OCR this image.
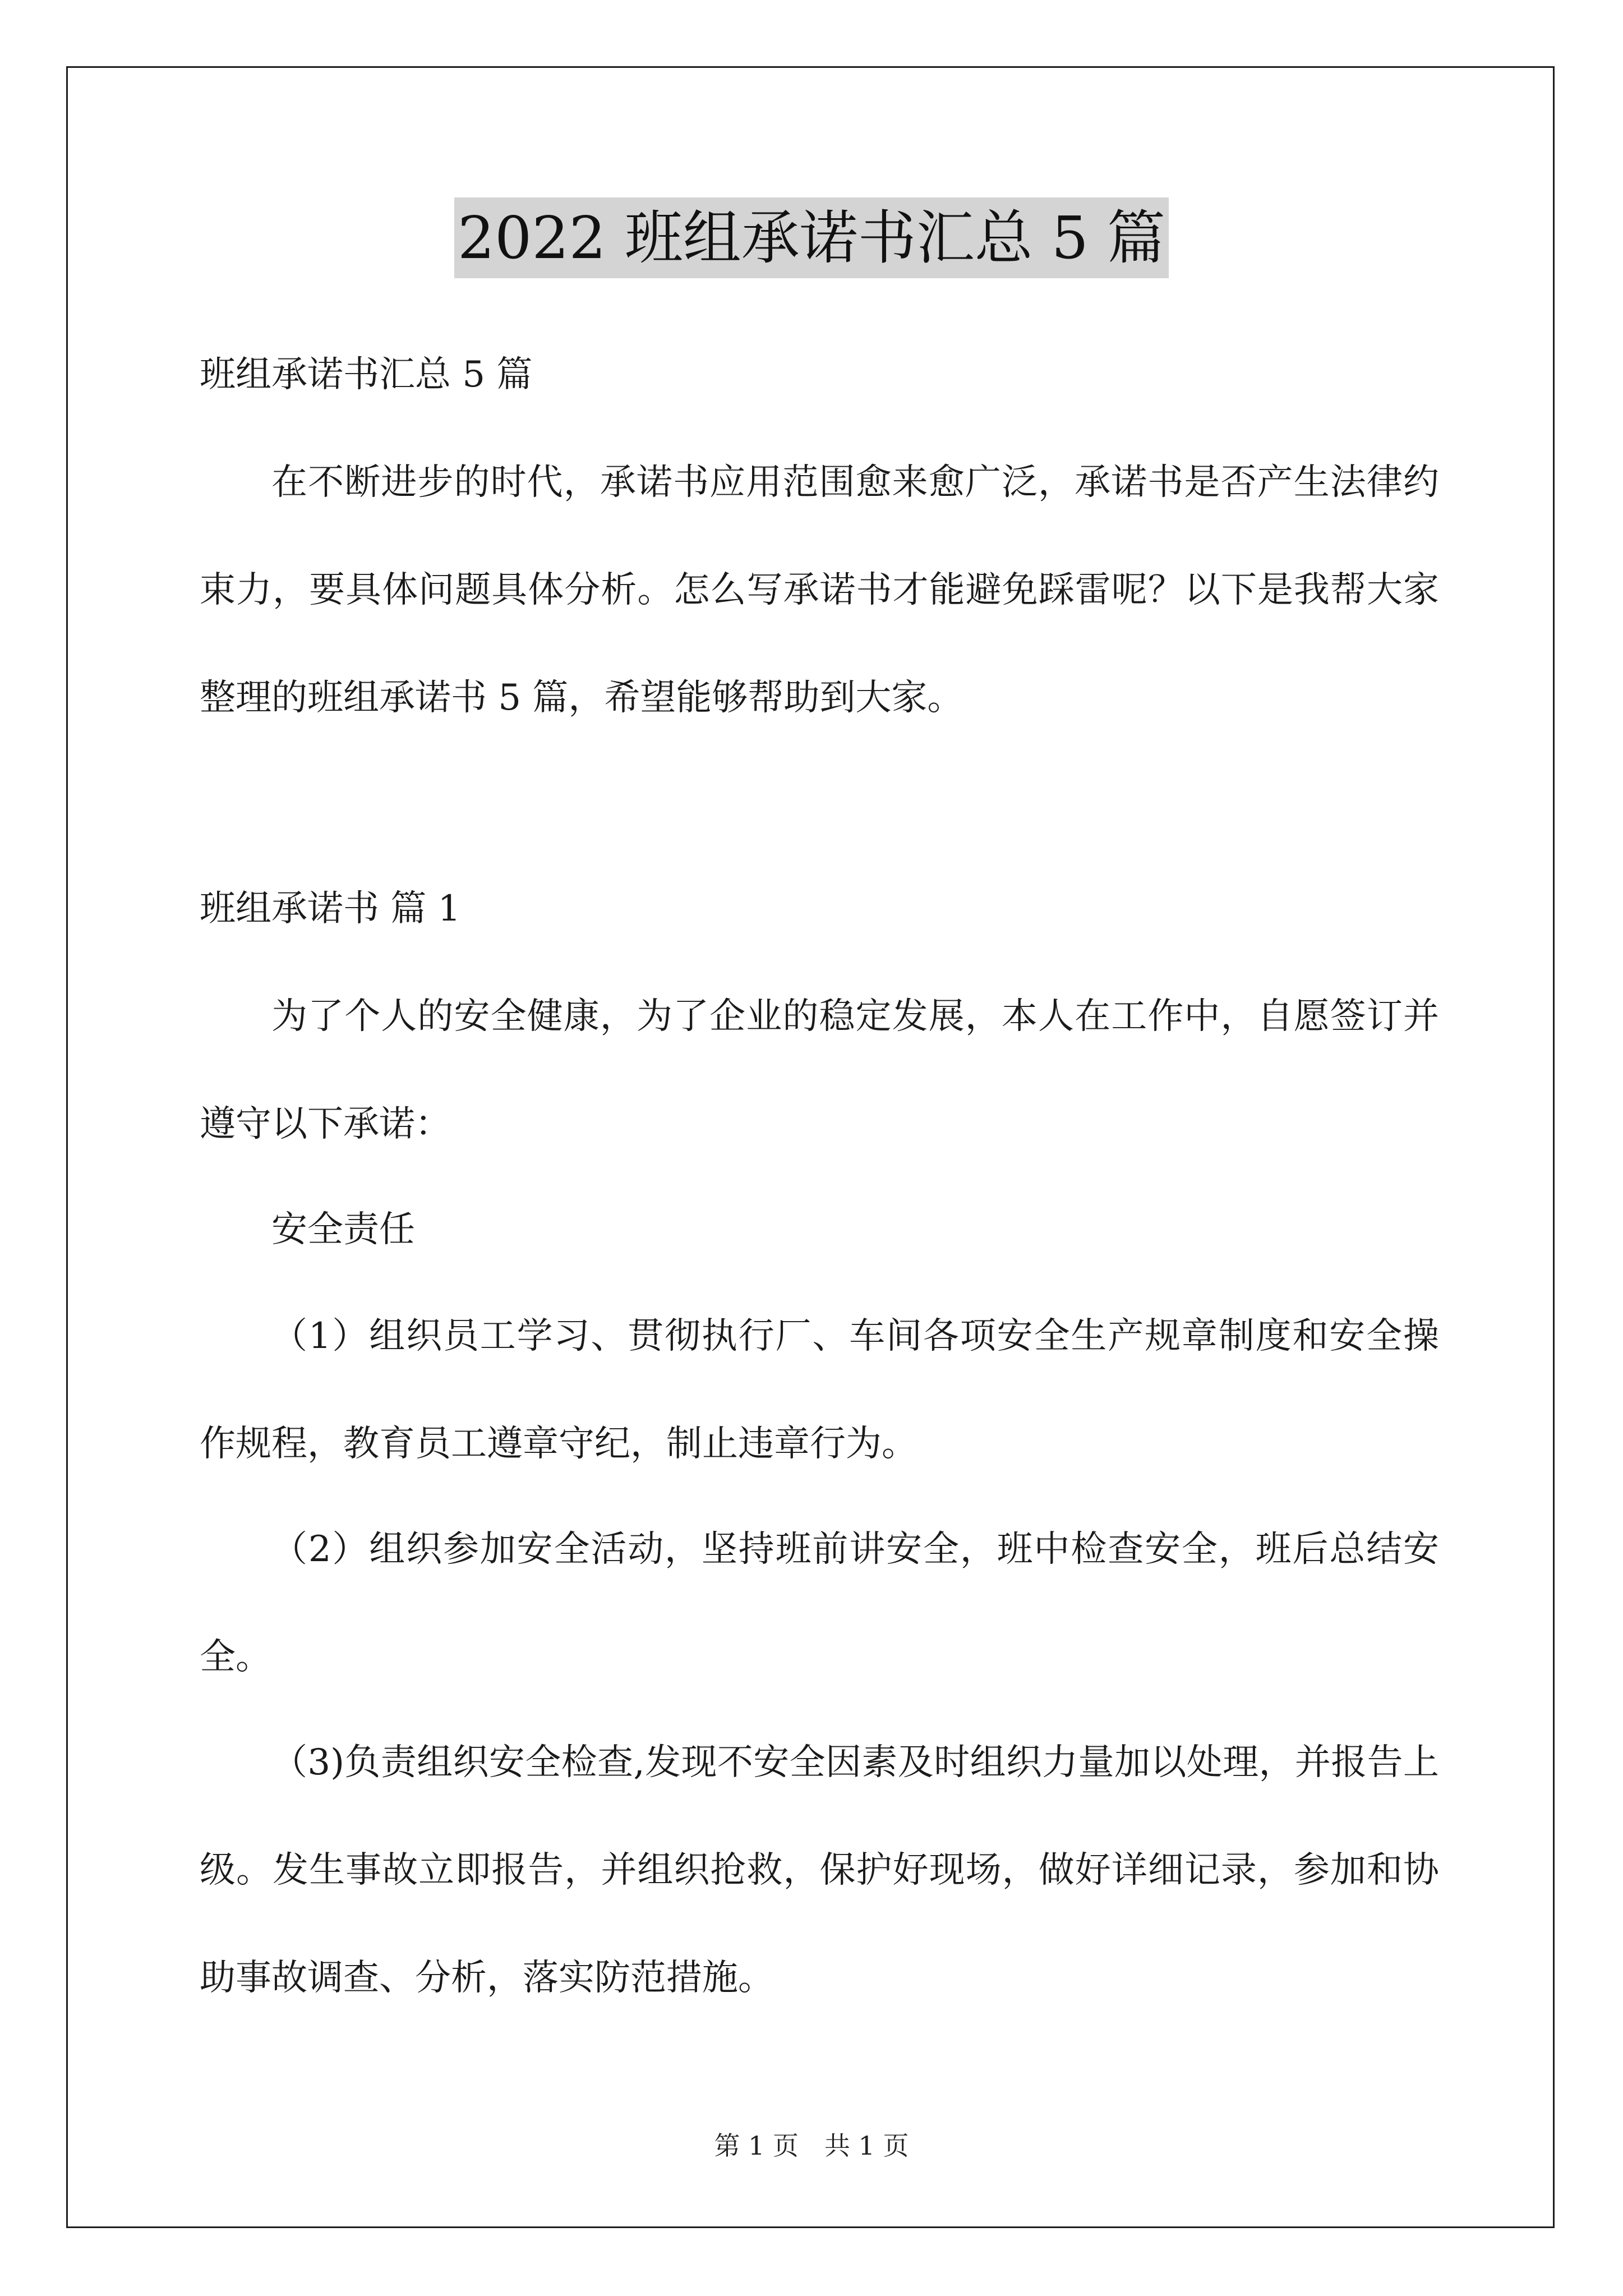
2022 班组承诺书汇总 5 篇
班组承诺书汇总 5 篇
在不断进步的时代，承诺书应用范围愈来愈广泛，承诺书是否产生法律约束力，要具体问题具体分析。怎么写承诺书才能避免踩雷呢？以下是我帮大家整理的班组承诺书 5 篇，希望能够帮助到大家。
班组承诺书 篇 1
为了个人的安全健康，为了企业的稳定发展，本人在工作中，自愿签订并遵守以下承诺：
安全责任
（1）组织员工学习、贯彻执行厂、车间各项安全生产规章制度和安全操作规程，教育员工遵章守纪，制止违章行为。
（2）组织参加安全活动，坚持班前讲安全，班中检查安全，班后总结安全。
（3)负责组织安全检查,发现不安全因素及时组织力量加以处理，并报告上级。发生事故立即报告，并组织抢救，保护好现场，做好详细记录，参加和协助事故调查、分析，落实防范措施。
第 1 页　共 1 页
